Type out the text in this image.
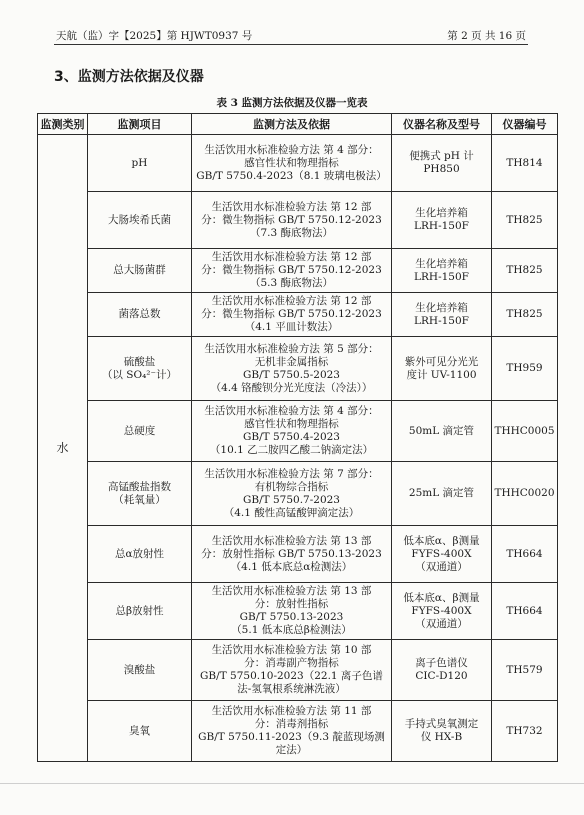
天航（监）字【2025】第 HJWT0937 号	第 2 页 共 16 页
3、监测方法依据及仪器
表 3 监测方法依据及仪器一览表
监测类别	监测项目	监测方法及依据	仪器名称及型号	仪器编号
水	pH	生活饮用水标准检验方法 第 4 部分：
感官性状和物理指标
GB/T 5750.4-2023（8.1 玻璃电极法）	便携式 pH 计
PH850	TH814

	大肠埃希氏菌	生活饮用水标准检验方法 第 12 部
分：微生物指标 GB/T 5750.12-2023
（7.3 酶底物法）	生化培养箱
LRH-150F	TH825

	总大肠菌群	生活饮用水标准检验方法 第 12 部
分：微生物指标 GB/T 5750.12-2023
（5.3 酶底物法）	生化培养箱
LRH-150F	TH825

	菌落总数	生活饮用水标准检验方法 第 12 部
分：微生物指标 GB/T 5750.12-2023
（4.1 平皿计数法）	生化培养箱
LRH-150F	TH825

	硫酸盐
（以 SO₄²⁻计）	生活饮用水标准检验方法 第 5 部分：
无机非金属指标
GB/T 5750.5-2023
（4.4 铬酸钡分光光度法（冷法））	紫外可见分光光
度计 UV-1100	TH959

	总硬度	生活饮用水标准检验方法 第 4 部分：
感官性状和物理指标
GB/T 5750.4-2023
（10.1 乙二胺四乙酸二钠滴定法）	50mL 滴定管	THHC0005

	高锰酸盐指数
（耗氧量）	生活饮用水标准检验方法 第 7 部分：
有机物综合指标
GB/T 5750.7-2023
（4.1 酸性高锰酸钾滴定法）	25mL 滴定管	THHC0020

	总α放射性	生活饮用水标准检验方法 第 13 部
分：放射性指标 GB/T 5750.13-2023
（4.1 低本底总α检测法）	低本底α、β测量
FYFS-400X
（双通道）	TH664

	总β放射性	生活饮用水标准检验方法 第 13 部
分：放射性指标
GB/T 5750.13-2023
（5.1 低本底总β检测法）	低本底α、β测量
FYFS-400X
（双通道）	TH664

	溴酸盐	生活饮用水标准检验方法 第 10 部
分：消毒副产物指标
GB/T 5750.10-2023（22.1 离子色谱
法-氢氧根系统淋洗液）	离子色谱仪
CIC-D120	TH579

	臭氧	生活饮用水标准检验方法 第 11 部
分：消毒剂指标
GB/T 5750.11-2023（9.3 靛蓝现场测
定法）	手持式臭氧测定
仪 HX-B	TH732
